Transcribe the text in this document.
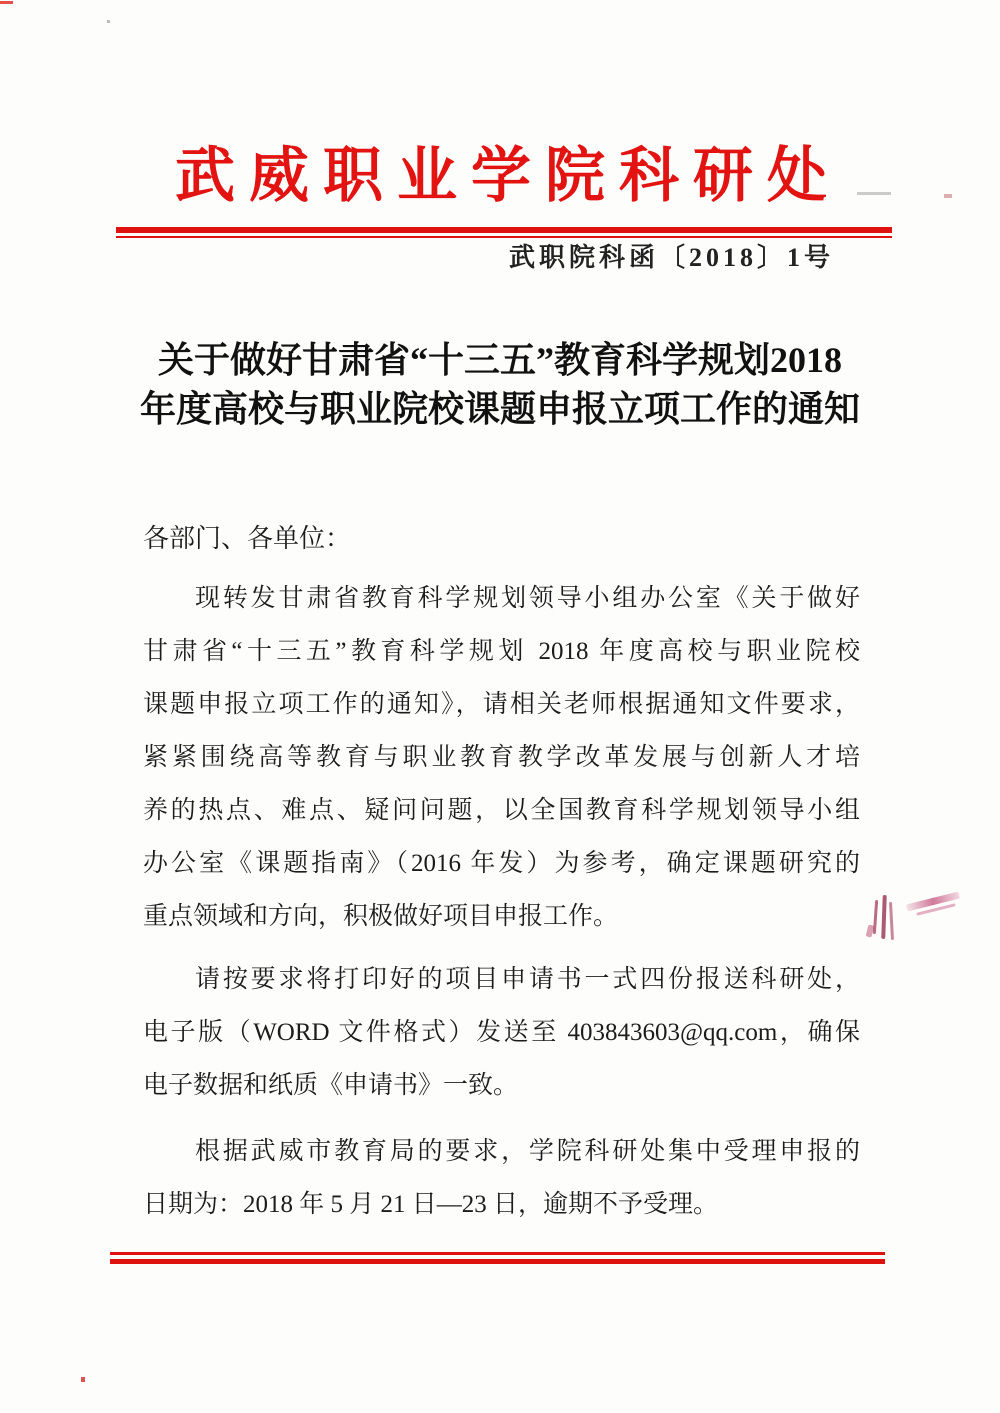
武威职业学院科研处
武职院科函〔2018〕1号
关于做好甘肃省“十三五”教育科学规划2018
年度高校与职业院校课题申报立项工作的通知
各部门、各单位：
现转发甘肃省教育科学规划领导小组办公室《关于做好
甘肃省“十三五”教育科学规划 2018 年度高校与职业院校
课题申报立项工作的通知》，请相关老师根据通知文件要求，
紧紧围绕高等教育与职业教育教学改革发展与创新人才培
养的热点、难点、疑问问题，以全国教育科学规划领导小组
办公室《课题指南》（2016 年发）为参考，确定课题研究的
重点领域和方向，积极做好项目申报工作。
请按要求将打印好的项目申请书一式四份报送科研处，
电子版（WORD 文件格式）发送至 403843603@qq.com，确保
电子数据和纸质《申请书》一致。
根据武威市教育局的要求，学院科研处集中受理申报的
日期为：2018 年 5 月 21 日—23 日，逾期不予受理。
